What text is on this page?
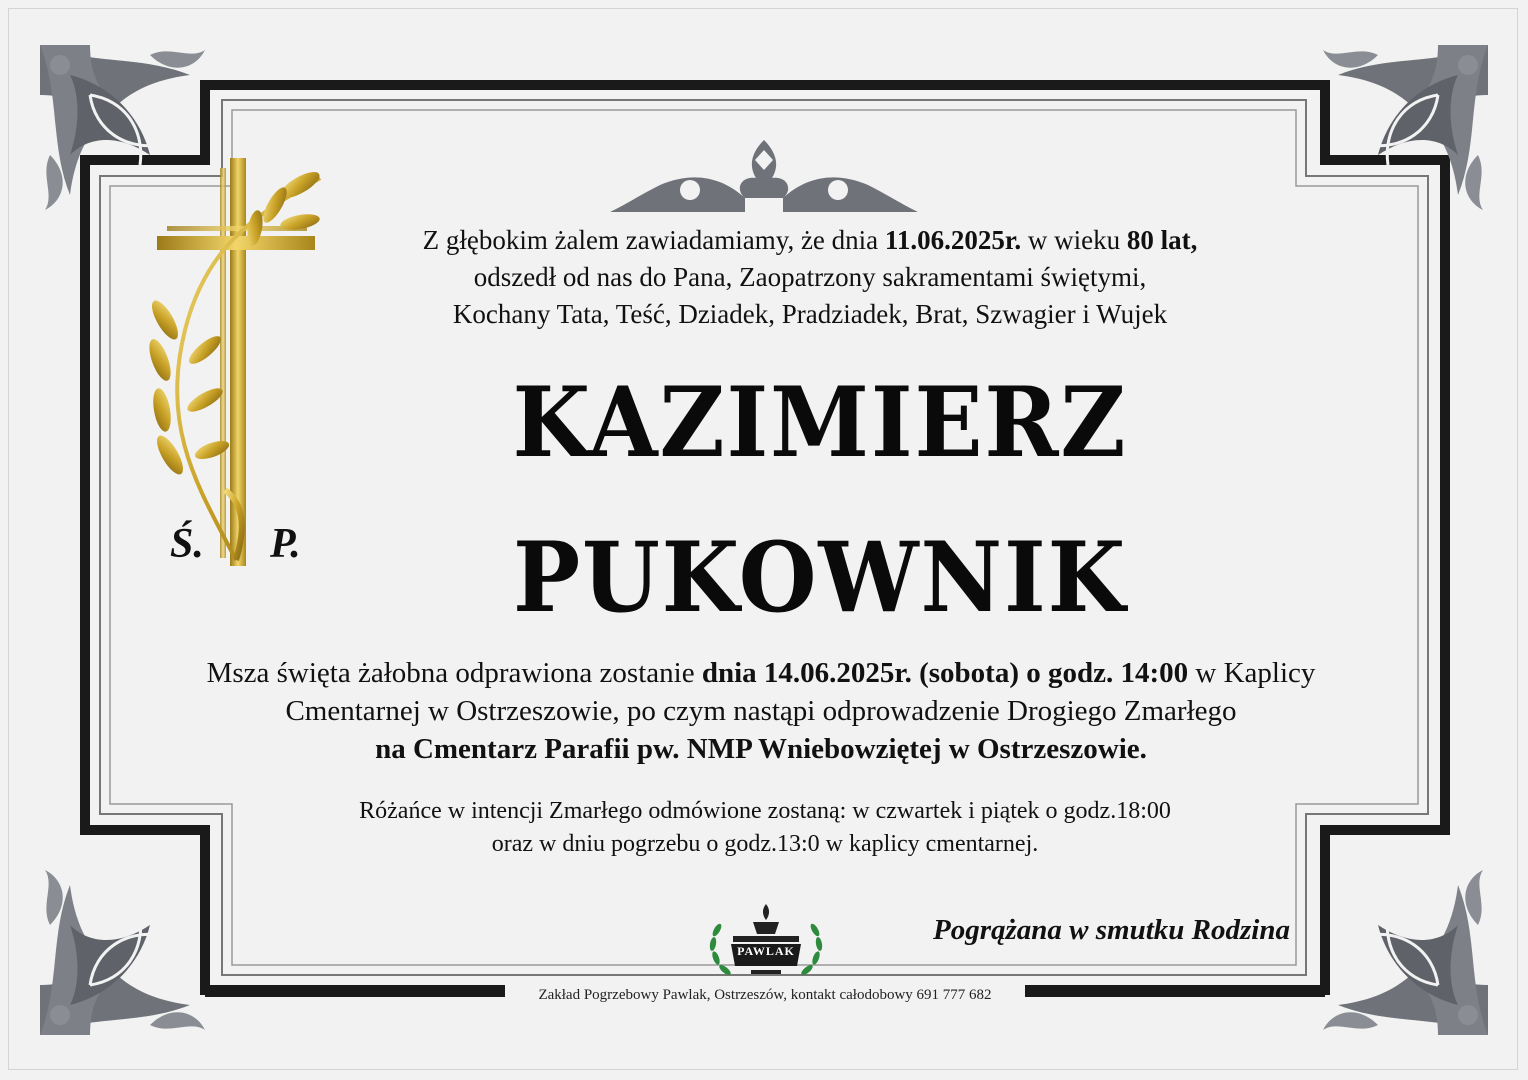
Ś. P.
Z głębokim żalem zawiadamiamy, że dnia 11.06.2025r. w wieku 80 lat,
odszedł od nas do Pana, Zaopatrzony sakramentami świętymi,
Kochany Tata, Teść, Dziadek, Pradziadek, Brat, Szwagier i Wujek
KAZIMIERZ
PUKOWNIK
Msza święta żałobna odprawiona zostanie dnia 14.06.2025r. (sobota) o godz. 14:00 w Kaplicy
Cmentarnej w Ostrzeszowie, po czym nastąpi odprowadzenie Drogiego Zmarłego
na Cmentarz Parafii pw. NMP Wniebowziętej w Ostrzeszowie.
Różańce w intencji Zmarłego odmówione zostaną: w czwartek i piątek o godz.18:00
oraz w dniu pogrzebu o godz.13:0 w kaplicy cmentarnej.
PAWLAK
Pogrążana w smutku Rodzina
Zakład Pogrzebowy Pawlak, Ostrzeszów, kontakt całodobowy 691 777 682
